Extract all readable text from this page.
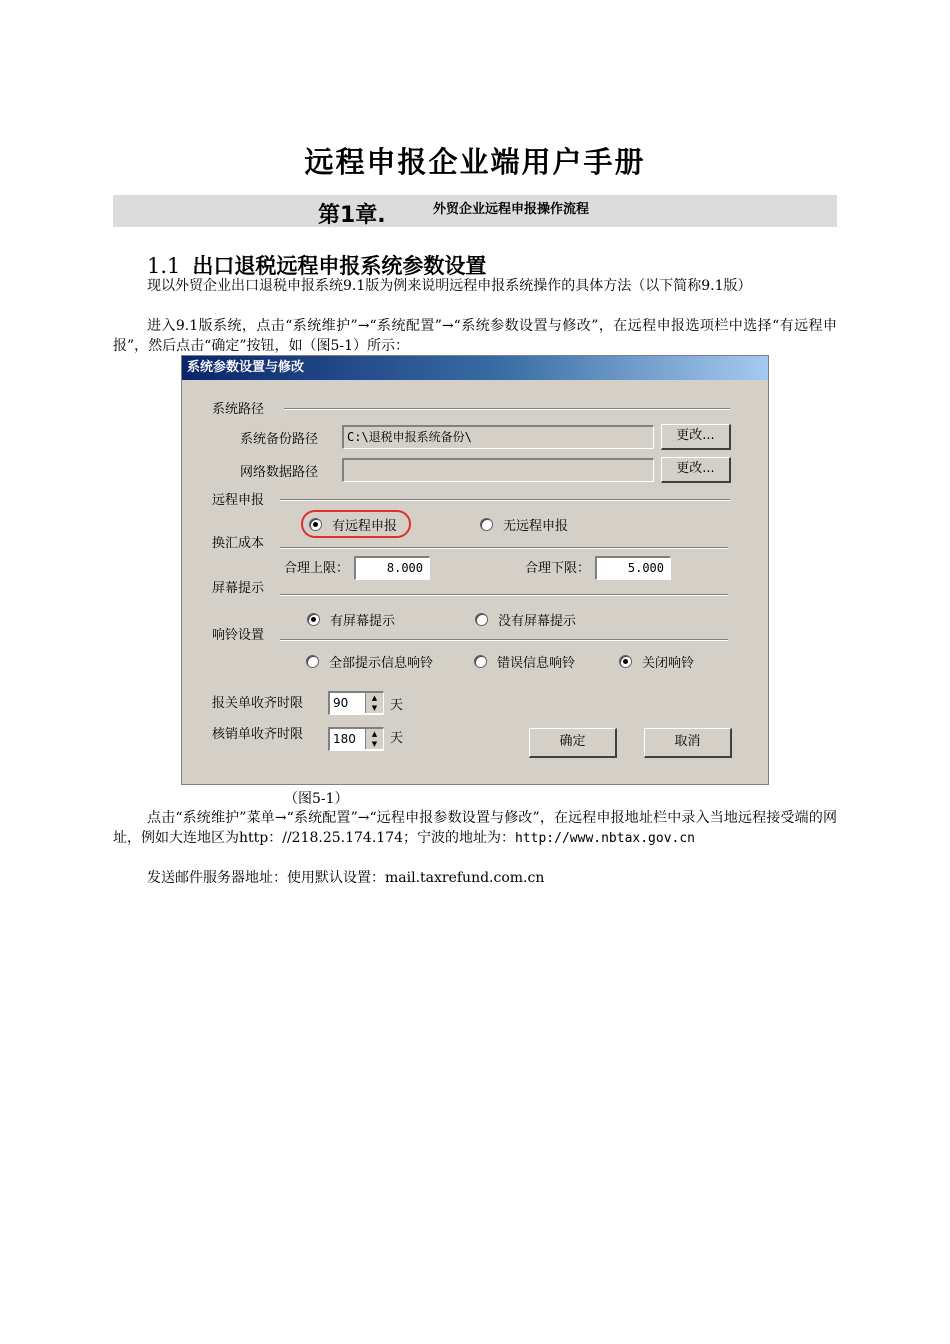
远程申报企业端用户手册
第1章.	外贸企业远程申报操作流程
1.1 出口退税远程申报系统参数设置
现以外贸企业出口退税申报系统9.1版为例来说明远程申报系统操作的具体方法（以下简称9.1版）
进入9.1版系统，点击“系统维护”→“系统配置”→“系统参数设置与修改”，在远程申报选项栏中选择“有远程申报”，然后点击“确定”按钮，如（图5-1）所示：
系统参数设置与修改
系统路径
系统备份路径	C:\退税申报系统备份\	更改...
网络数据路径	更改...
远程申报
有远程申报	无远程申报
换汇成本
合理上限：	8.000	合理下限：	5.000
屏幕提示
有屏幕提示	没有屏幕提示
响铃设置
全部提示信息响铃	错误信息响铃	关闭响铃
报关单收齐时限	90	▲
▼ 天
核销单收齐时限	180	▲
▼ 天	确定	取消
（图5-1）
点击“系统维护”菜单→“系统配置”→“远程申报参数设置与修改”，在远程申报地址栏中录入当地远程接受端的网址，例如大连地区为http：//218.25.174.174；宁波的地址为：http://www.nbtax.gov.cn
发送邮件服务器地址：使用默认设置：mail.taxrefund.com.cn
